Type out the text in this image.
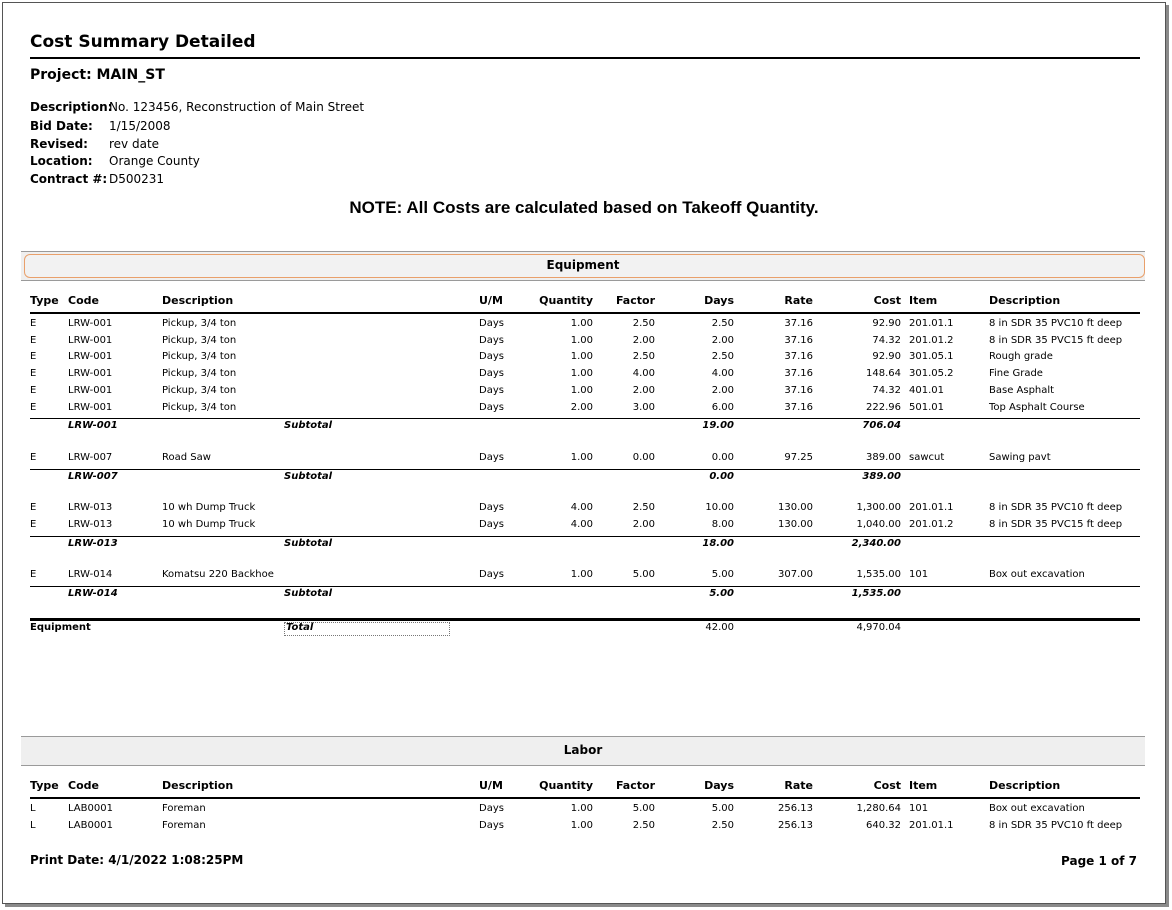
Cost Summary Detailed
Project: MAIN_ST
Description:
No. 123456, Reconstruction of Main Street
Bid Date: 1/15/2008
Revised: rev date
Location: Orange County
Contract #: D500231
NOTE: All Costs are calculated based on Takeoff Quantity.
Equipment
Type Code	Description	U/M	Quantity	Factor	Days	Rate	Cost Item	Description
E	LRW-001	Pickup, 3/4 ton	Days	1.00	2.50	2.50	37.16	92.90 201.01.1	8 in SDR 35 PVC10 ft deep
E	LRW-001	Pickup, 3/4 ton	Days	1.00	2.00	2.00	37.16	74.32 201.01.2	8 in SDR 35 PVC15 ft deep
E	LRW-001	Pickup, 3/4 ton	Days	1.00	2.50	2.50	37.16	92.90 301.05.1	Rough grade
E	LRW-001	Pickup, 3/4 ton	Days	1.00	4.00	4.00	37.16	148.64 301.05.2	Fine Grade
E	LRW-001	Pickup, 3/4 ton	Days	1.00	2.00	2.00	37.16	74.32 401.01	Base Asphalt
E	LRW-001	Pickup, 3/4 ton	Days	2.00	3.00	6.00	37.16	222.96 501.01	Top Asphalt Course
LRW-001	Subtotal	19.00	706.04
E	LRW-007	Road Saw	Days	1.00	0.00	0.00	97.25	389.00 sawcut	Sawing pavt
LRW-007	Subtotal	0.00	389.00
E	LRW-013	10 wh Dump Truck	Days	4.00	2.50	10.00	130.00	1,300.00 201.01.1	8 in SDR 35 PVC10 ft deep
E	LRW-013	10 wh Dump Truck	Days	4.00	2.00	8.00	130.00	1,040.00 201.01.2	8 in SDR 35 PVC15 ft deep
LRW-013	Subtotal	18.00	2,340.00
E	LRW-014	Komatsu 220 Backhoe	Days	1.00	5.00	5.00	307.00	1,535.00 101	Box out excavation
LRW-014	Subtotal	5.00	1,535.00
Equipment	Total	42.00	4,970.04
Labor
Type Code	Description	U/M	Quantity	Factor	Days	Rate	Cost Item	Description
L	LAB0001	Foreman	Days	1.00	5.00	5.00	256.13	1,280.64 101	Box out excavation
L	LAB0001	Foreman	Days	1.00	2.50	2.50	256.13	640.32 201.01.1	8 in SDR 35 PVC10 ft deep
Print Date: 4/1/2022 1:08:25PM	Page 1 of 7
